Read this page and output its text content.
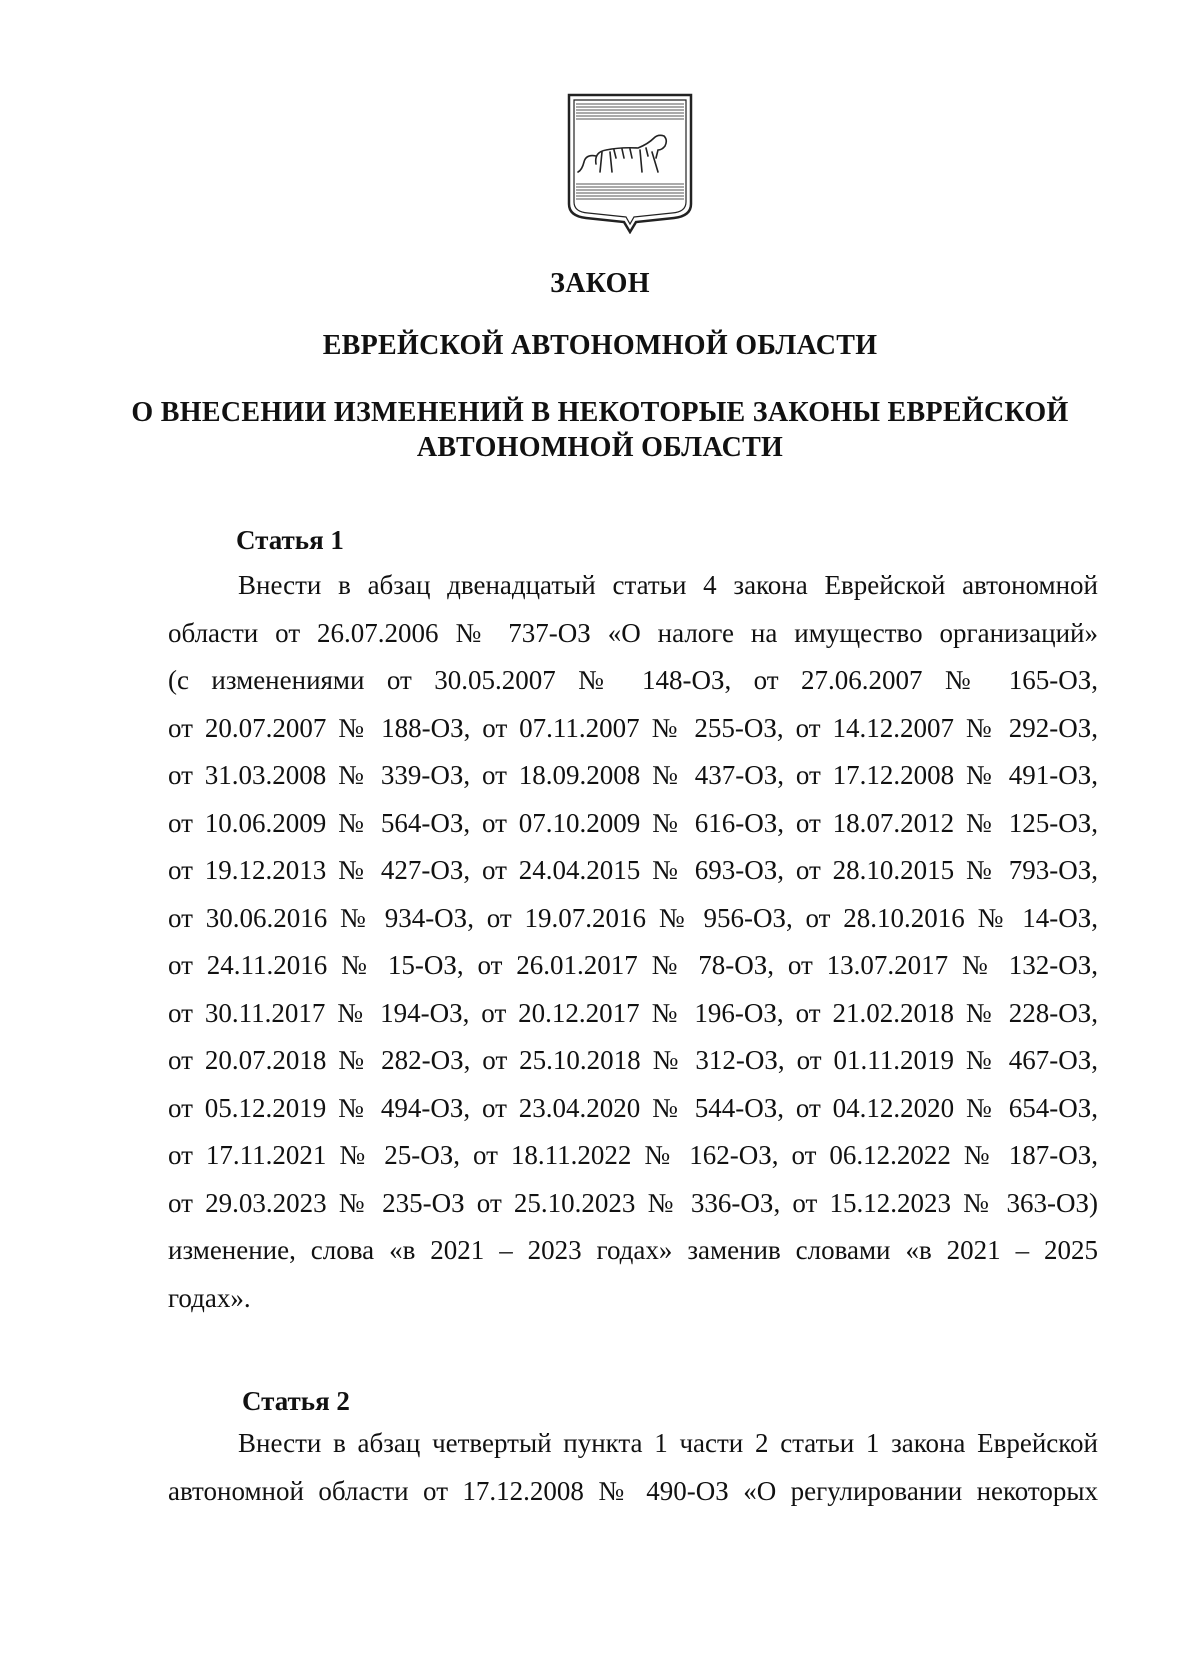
ЗАКОН
ЕВРЕЙСКОЙ АВТОНОМНОЙ ОБЛАСТИ
О ВНЕСЕНИИ ИЗМЕНЕНИЙ В НЕКОТОРЫЕ ЗАКОНЫ ЕВРЕЙСКОЙ
АВТОНОМНОЙ ОБЛАСТИ
Статья 1
Внести в абзац двенадцатый статьи 4 закона Еврейской автономной
области от 26.07.2006 № 737-ОЗ «О налоге на имущество организаций»
(с изменениями от 30.05.2007 № 148-ОЗ, от 27.06.2007 № 165-ОЗ,
от 20.07.2007 № 188-ОЗ, от 07.11.2007 № 255-ОЗ, от 14.12.2007 № 292-ОЗ,
от 31.03.2008 № 339-ОЗ, от 18.09.2008 № 437-ОЗ, от 17.12.2008 № 491-ОЗ,
от 10.06.2009 № 564-ОЗ, от 07.10.2009 № 616-ОЗ, от 18.07.2012 № 125-ОЗ,
от 19.12.2013 № 427-ОЗ, от 24.04.2015 № 693-ОЗ, от 28.10.2015 № 793-ОЗ,
от 30.06.2016 № 934-ОЗ, от 19.07.2016 № 956-ОЗ, от 28.10.2016 № 14-ОЗ,
от 24.11.2016 № 15-ОЗ, от 26.01.2017 № 78-ОЗ, от 13.07.2017 № 132-ОЗ,
от 30.11.2017 № 194-ОЗ, от 20.12.2017 № 196-ОЗ, от 21.02.2018 № 228-ОЗ,
от 20.07.2018 № 282-ОЗ, от 25.10.2018 № 312-ОЗ, от 01.11.2019 № 467-ОЗ,
от 05.12.2019 № 494-ОЗ, от 23.04.2020 № 544-ОЗ, от 04.12.2020 № 654-ОЗ,
от 17.11.2021 № 25-ОЗ, от 18.11.2022 № 162-ОЗ, от 06.12.2022 № 187-ОЗ,
от 29.03.2023 № 235-ОЗ от 25.10.2023 № 336-ОЗ, от 15.12.2023 № 363-ОЗ)
изменение, слова «в 2021 – 2023 годах» заменив словами «в 2021 – 2025
годах».
Статья 2
Внести в абзац четвертый пункта 1 части 2 статьи 1 закона Еврейской
автономной области от 17.12.2008 № 490-ОЗ «О регулировании некоторых
